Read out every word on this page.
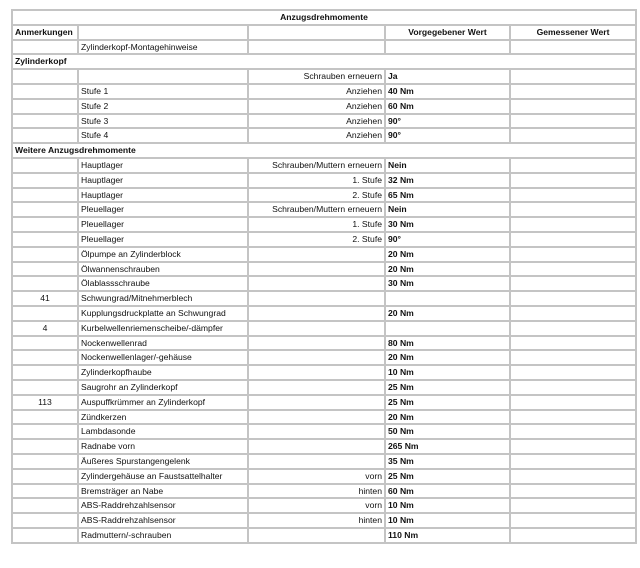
Anzugsdrehmomente				
Anmerkungen			Vorgegebener Wert	Gemessener Wert
	Zylinderkopf-Montagehinweise			
Zylinderkopf				
		Schrauben erneuern	Ja	
	Stufe 1	Anziehen	40 Nm	
	Stufe 2	Anziehen	60 Nm	
	Stufe 3	Anziehen	90°	
	Stufe 4	Anziehen	90°	
Weitere Anzugsdrehmomente				
	Hauptlager	Schrauben/Muttern erneuern	Nein	
	Hauptlager	1. Stufe	32 Nm	
	Hauptlager	2. Stufe	65 Nm	
	Pleuellager	Schrauben/Muttern erneuern	Nein	
	Pleuellager	1. Stufe	30 Nm	
	Pleuellager	2. Stufe	90°	
	Ölpumpe an Zylinderblock		20 Nm	
	Ölwannenschrauben		20 Nm	
	Ölablassschraube		30 Nm	
41	Schwungrad/Mitnehmerblech			
	Kupplungsdruckplatte an Schwungrad		20 Nm	
4	Kurbelwellenriemenscheibe/-dämpfer			
	Nockenwellenrad		80 Nm	
	Nockenwellenlager/-gehäuse		20 Nm	
	Zylinderkopfhaube		10 Nm	
	Saugrohr an Zylinderkopf		25 Nm	
113	Auspuffkrümmer an Zylinderkopf		25 Nm	
	Zündkerzen		20 Nm	
	Lambdasonde		50 Nm	
	Radnabe vorn		265 Nm	
	Äußeres Spurstangengelenk		35 Nm	
	Zylindergehäuse an Faustsattelhalter	vorn	25 Nm	
	Bremsträger an Nabe	hinten	60 Nm	
	ABS-Raddrehzahlsensor	vorn	10 Nm	
	ABS-Raddrehzahlsensor	hinten	10 Nm	
	Radmuttern/-schrauben		110 Nm	
